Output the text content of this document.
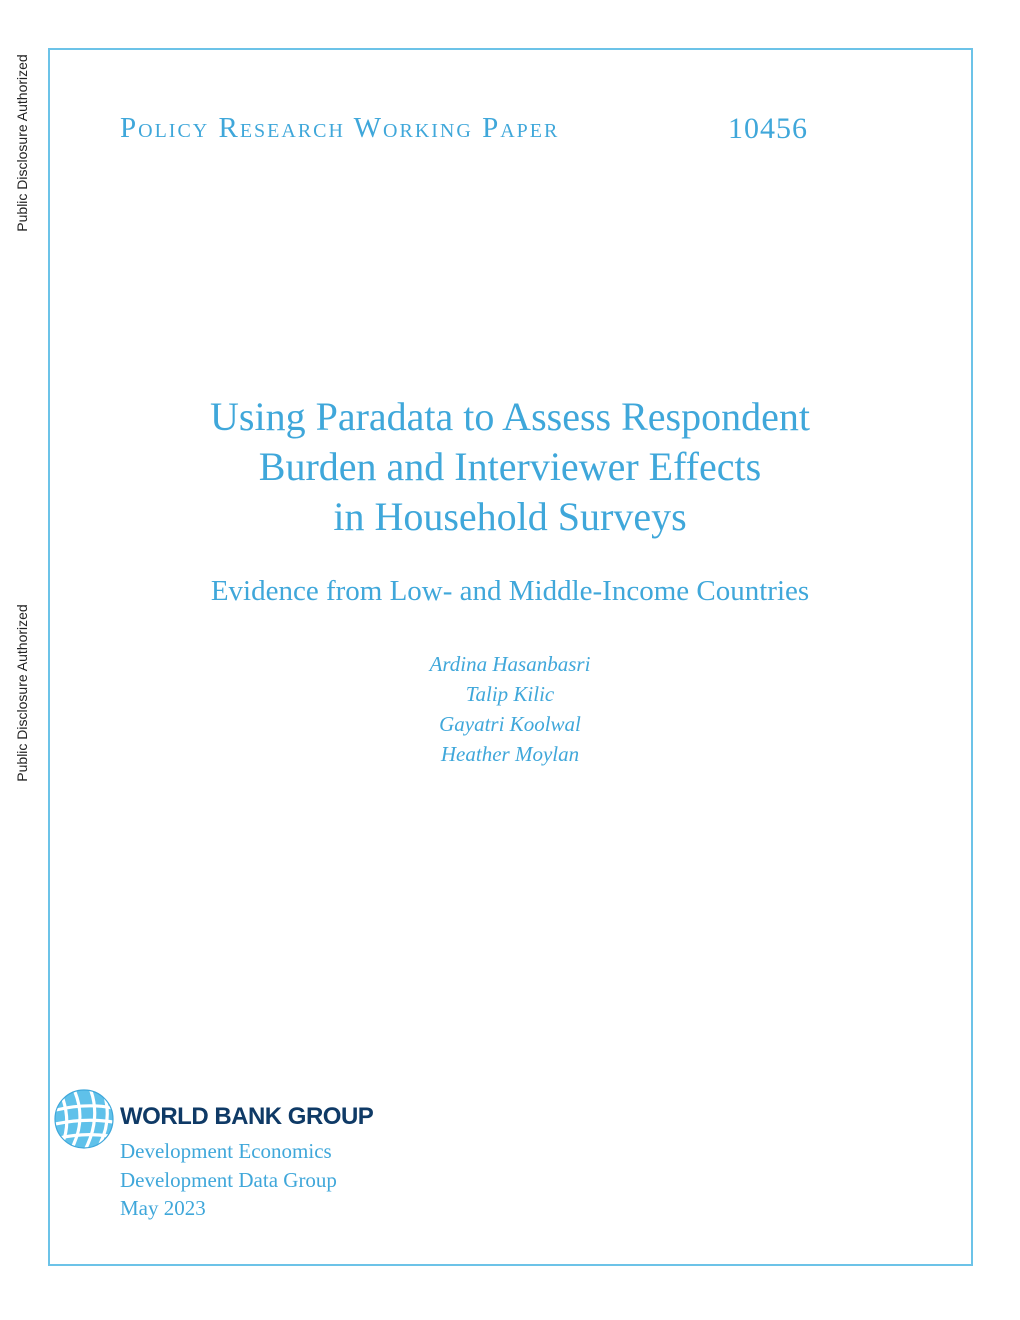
Public Disclosure Authorized
Public Disclosure Authorized
Policy Research Working Paper	10456
Using Paradata to Assess Respondent
Burden and Interviewer Effects
in Household Surveys
Evidence from Low- and Middle-Income Countries
Ardina Hasanbasri
Talip Kilic
Gayatri Koolwal
Heather Moylan
WORLD BANK GROUP
Development Economics
Development Data Group
May 2023
